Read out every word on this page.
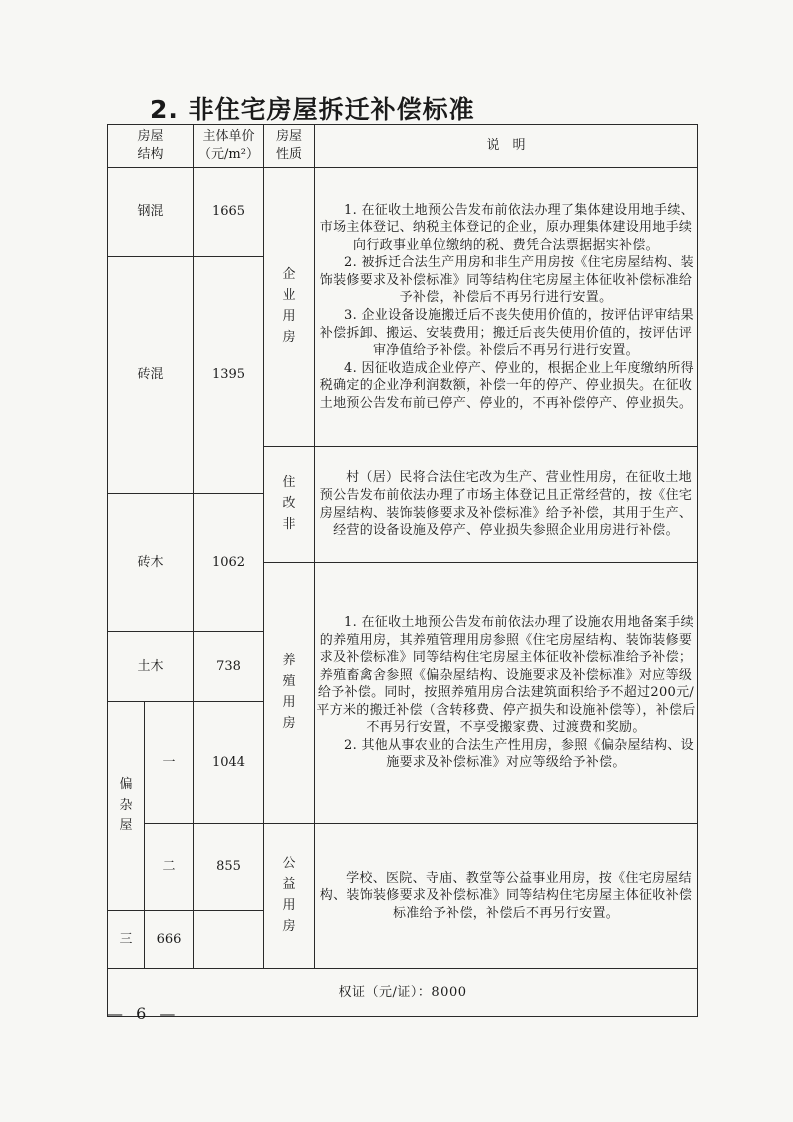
2. 非住宅房屋拆迁补偿标准
房屋结构		主体单价（元/m²）	房屋性质	说　明
钢混		1665	企业用房	1. 在征收土地预公告发布前依法办理了集体建设用地手续、市场主体登记、纳税主体登记的企业，原办理集体建设用地手续向行政事业单位缴纳的税、费凭合法票据据实补偿。

2. 被拆迁合法生产用房和非生产用房按《住宅房屋结构、装饰装修要求及补偿标准》同等结构住宅房屋主体征收补偿标准给予补偿，补偿后不再另行进行安置。

3. 企业设备设施搬迁后不丧失使用价值的，按评估评审结果补偿拆卸、搬运、安装费用；搬迁后丧失使用价值的，按评估评审净值给予补偿。补偿后不再另行进行安置。

4. 因征收造成企业停产、停业的，根据企业上年度缴纳所得税确定的企业净利润数额，补偿一年的停产、停业损失。在征收土地预公告发布前已停产、停业的，不再补偿停产、停业损失。

砖混		1395		
			住改非	村（居）民将合法住宅改为生产、营业性用房，在征收土地预公告发布前依法办理了市场主体登记且正常经营的，按《住宅房屋结构、装饰装修要求及补偿标准》给予补偿，其用于生产、经营的设备设施及停产、停业损失参照企业用房进行补偿。

砖木		1062		
			养殖用房	1. 在征收土地预公告发布前依法办理了设施农用地备案手续的养殖用房，其养殖管理用房参照《住宅房屋结构、装饰装修要求及补偿标准》同等结构住宅房屋主体征收补偿标准给予补偿；养殖畜禽舍参照《偏杂屋结构、设施要求及补偿标准》对应等级给予补偿。同时，按照养殖用房合法建筑面积给予不超过200元/平方米的搬迁补偿（含转移费、停产损失和设施补偿等），补偿后不再另行安置，不享受搬家费、过渡费和奖励。

2. 其他从事农业的合法生产性用房，参照《偏杂屋结构、设施要求及补偿标准》对应等级给予补偿。

土木		738		
偏杂屋	一	1044		

	二	855	公益用房	学校、医院、寺庙、教堂等公益事业用房，按《住宅房屋结构、装饰装修要求及补偿标准》同等结构住宅房屋主体征收补偿标准给予补偿，补偿后不再另行安置。

三	666			
权证（元/证）：8000				
— 6 —
